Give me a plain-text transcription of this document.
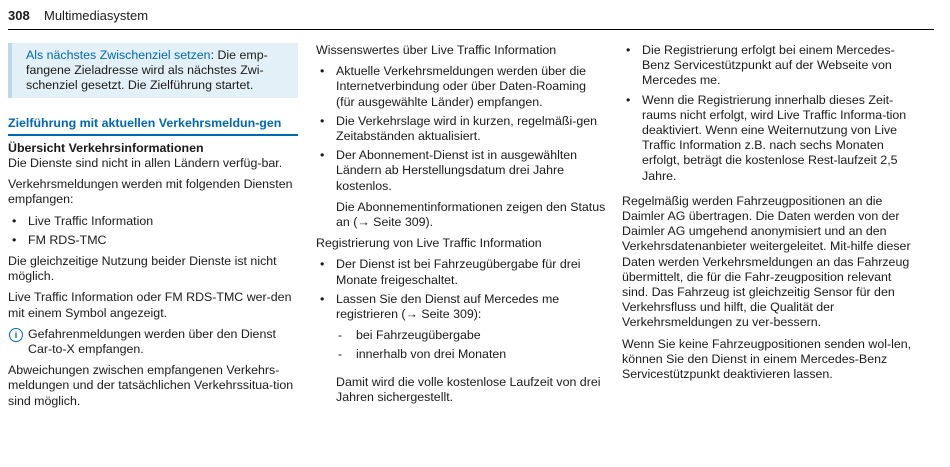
308 Multimediasystem
Als nächstes Zwischenziel setzen: Die emp-fangene Zieladresse wird als nächstes Zwi-schenziel gesetzt. Die Zielführung startet.
Zielführung mit aktuellen Verkehrsmeldun-gen
Übersicht Verkehrsinformationen

Die Dienste sind nicht in allen Ländern verfüg-bar.

Verkehrsmeldungen werden mit folgenden Diensten empfangen:

• Live Traffic Information
• FM RDS-TMC

Die gleichzeitige Nutzung beider Dienste ist nicht möglich.

Live Traffic Information oder FM RDS-TMC wer-den mit einem Symbol angezeigt.

i Gefahrenmeldungen werden über den Dienst Car-to-X empfangen.

Abweichungen zwischen empfangenen Verkehrs-meldungen und der tatsächlichen Verkehrssitua-tion sind möglich.

Wissenswertes über Live Traffic Information

• Aktuelle Verkehrsmeldungen werden über die Internetverbindung oder über Daten-Roaming (für ausgewählte Länder) empfangen.
• Die Verkehrslage wird in kurzen, regelmäßi-gen Zeitabständen aktualisiert.
• Der Abonnement-Dienst ist in ausgewählten Ländern ab Herstellungsdatum drei Jahre kostenlos.

Die Abonnementinformationen zeigen den Status an (→ Seite 309).

Registrierung von Live Traffic Information

• Der Dienst ist bei Fahrzeugübergabe für drei Monate freigeschaltet.
• Lassen Sie den Dienst auf Mercedes me registrieren (→ Seite 309):
- bei Fahrzeugübergabe
- innerhalb von drei Monaten

Damit wird die volle kostenlose Laufzeit von drei Jahren sichergestellt.

• Die Registrierung erfolgt bei einem Mercedes-Benz Servicestützpunkt auf der Webseite von Mercedes me.
• Wenn die Registrierung innerhalb dieses Zeit-raums nicht erfolgt, wird Live Traffic Informa-tion deaktiviert. Wenn eine Weiternutzung von Live Traffic Information z.B. nach sechs Monaten erfolgt, beträgt die kostenlose Rest-laufzeit 2,5 Jahre.

Regelmäßig werden Fahrzeugpositionen an die Daimler AG übertragen. Die Daten werden von der Daimler AG umgehend anonymisiert und an den Verkehrsdatenanbieter weitergeleitet. Mit-hilfe dieser Daten werden Verkehrsmeldungen an das Fahrzeug übermittelt, die für die Fahr-zeugposition relevant sind. Das Fahrzeug ist gleichzeitig Sensor für den Verkehrsfluss und hilft, die Qualität der Verkehrsmeldungen zu ver-bessern.

Wenn Sie keine Fahrzeugpositionen senden wol-len, können Sie den Dienst in einem Mercedes-Benz Servicestützpunkt deaktivieren lassen.
